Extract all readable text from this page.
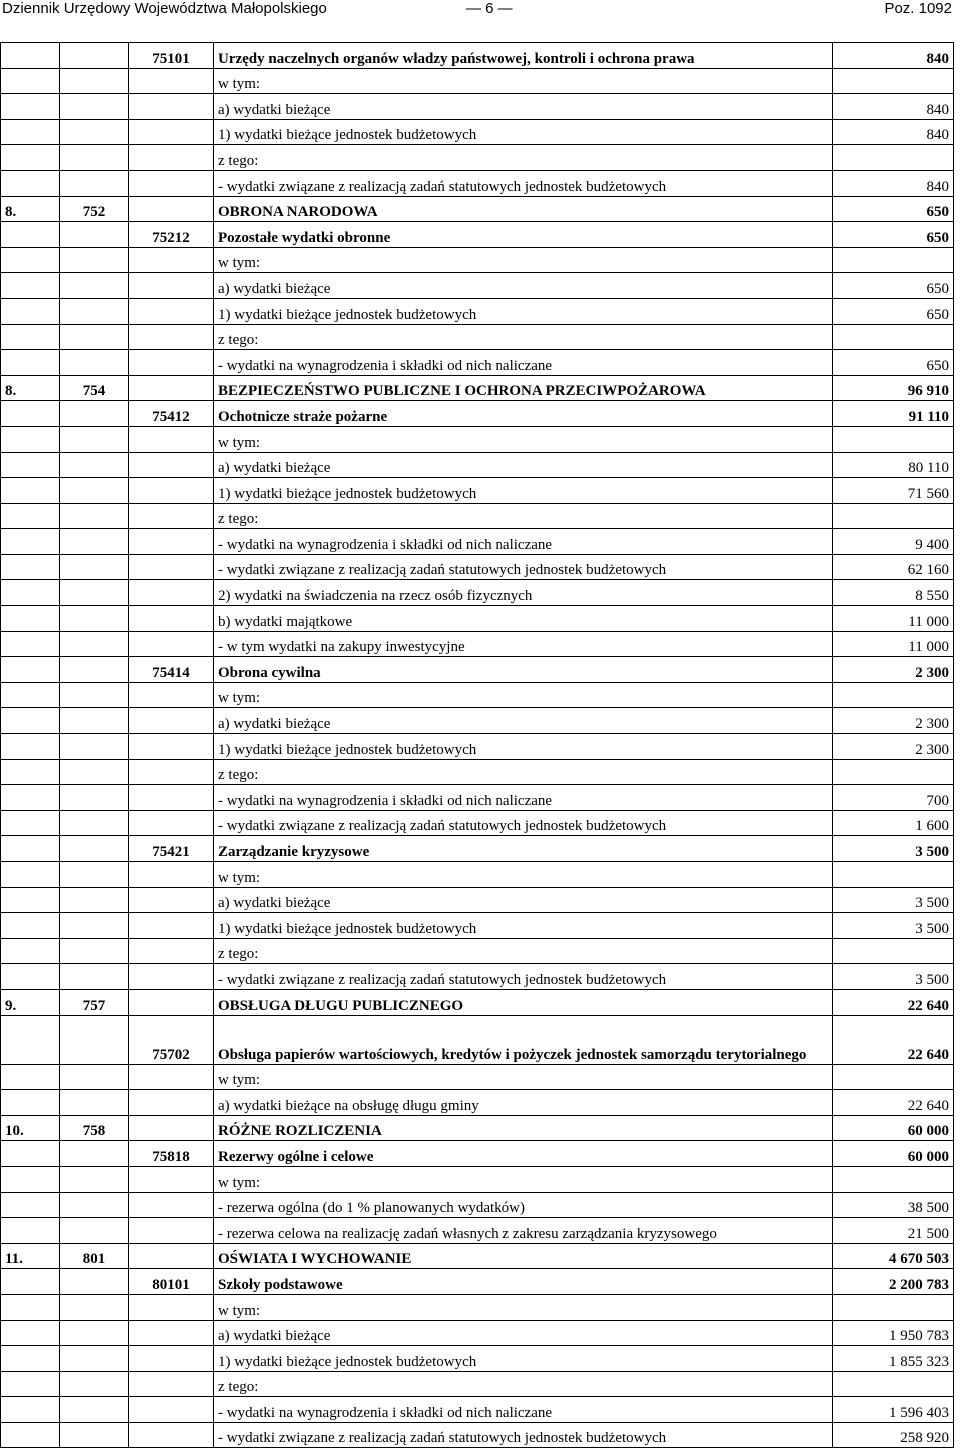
Dziennik Urzędowy Województwa Małopolskiego	— 6 —	Poz. 1092
		75101	Urzędy naczelnych organów władzy państwowej, kontroli i ochrona prawa	840
			w tym:	
			a) wydatki bieżące	840
			1) wydatki bieżące jednostek budżetowych	840
			z tego:	
			- wydatki związane z realizacją zadań statutowych jednostek budżetowych	840
8.	752		OBRONA NARODOWA	650
		75212	Pozostałe wydatki obronne	650
			w tym:	
			a) wydatki bieżące	650
			1) wydatki bieżące jednostek budżetowych	650
			z tego:	
			- wydatki na wynagrodzenia i składki od nich naliczane	650
8.	754		BEZPIECZEŃSTWO PUBLICZNE I OCHRONA PRZECIWPOŻAROWA	96 910
		75412	Ochotnicze straże pożarne	91 110
			w tym:	
			a) wydatki bieżące	80 110
			1) wydatki bieżące jednostek budżetowych	71 560
			z tego:	
			- wydatki na wynagrodzenia i składki od nich naliczane	9 400
			- wydatki związane z realizacją zadań statutowych jednostek budżetowych	62 160
			2) wydatki na świadczenia na rzecz osób fizycznych	8 550
			b) wydatki majątkowe	11 000
			- w tym wydatki na zakupy inwestycyjne	11 000
		75414	Obrona cywilna	2 300
			w tym:	
			a) wydatki bieżące	2 300
			1) wydatki bieżące jednostek budżetowych	2 300
			z tego:	
			- wydatki na wynagrodzenia i składki od nich naliczane	700
			- wydatki związane z realizacją zadań statutowych jednostek budżetowych	1 600
		75421	Zarządzanie kryzysowe	3 500
			w tym:	
			a) wydatki bieżące	3 500
			1) wydatki bieżące jednostek budżetowych	3 500
			z tego:	
			- wydatki związane z realizacją zadań statutowych jednostek budżetowych	3 500
9.	757		OBSŁUGA DŁUGU PUBLICZNEGO	22 640
		75702	Obsługa papierów wartościowych, kredytów i pożyczek jednostek samorządu terytorialnego	22 640
			w tym:	
			a) wydatki bieżące na obsługę długu gminy	22 640
10.	758		RÓŻNE ROZLICZENIA	60 000
		75818	Rezerwy ogólne i celowe	60 000
			w tym:	
			- rezerwa ogólna (do 1 % planowanych wydatków)	38 500
			- rezerwa celowa na realizację zadań własnych z zakresu zarządzania kryzysowego	21 500
11.	801		OŚWIATA I WYCHOWANIE	4 670 503
		80101	Szkoły podstawowe	2 200 783
			w tym:	
			a) wydatki bieżące	1 950 783
			1) wydatki bieżące jednostek budżetowych	1 855 323
			z tego:	
			- wydatki na wynagrodzenia i składki od nich naliczane	1 596 403
			- wydatki związane z realizacją zadań statutowych jednostek budżetowych	258 920
